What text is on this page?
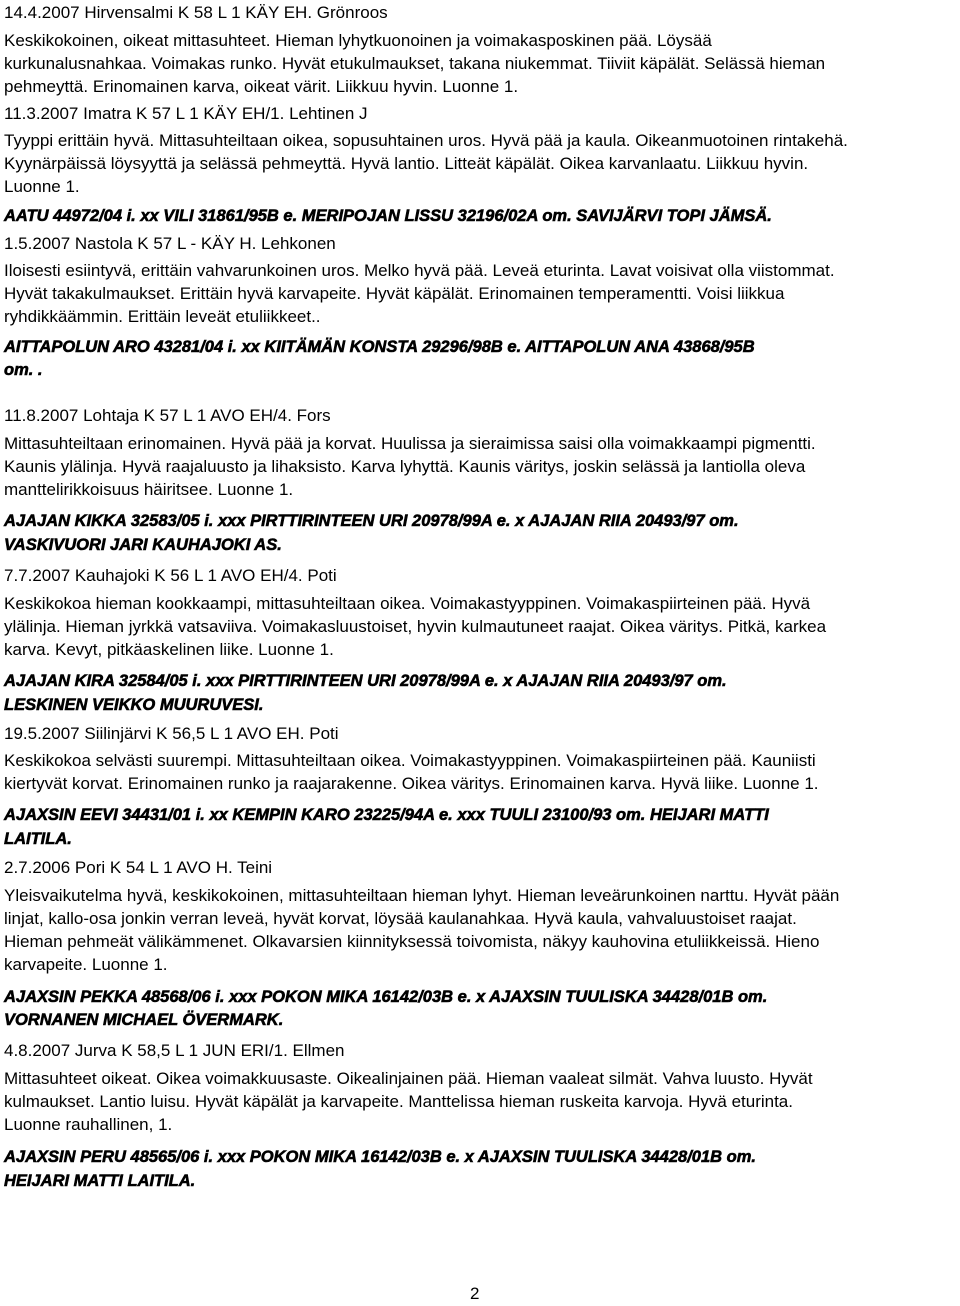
14.4.2007 Hirvensalmi K 58 L 1 KÄY EH. Grönroos
Keskikokoinen, oikeat mittasuhteet. Hieman lyhytkuonoinen ja voimakasposkinen pää. Löysää
kurkunalusnahkaa. Voimakas runko. Hyvät etukulmaukset, takana niukemmat. Tiiviit käpälät. Selässä hieman
pehmeyttä. Erinomainen karva, oikeat värit. Liikkuu hyvin. Luonne 1.
11.3.2007 Imatra K 57 L 1 KÄY EH/1. Lehtinen J
Tyyppi erittäin hyvä. Mittasuhteiltaan oikea, sopusuhtainen uros. Hyvä pää ja kaula. Oikeanmuotoinen rintakehä.
Kyynärpäissä löysyyttä ja selässä pehmeyttä. Hyvä lantio. Litteät käpälät. Oikea karvanlaatu. Liikkuu hyvin.
Luonne 1.
AATU 44972/04 i. xx VILI 31861/95B e. MERIPOJAN LISSU 32196/02A om. SAVIJÄRVI TOPI JÄMSÄ.
1.5.2007 Nastola K 57 L - KÄY H. Lehkonen
Iloisesti esiintyvä, erittäin vahvarunkoinen uros. Melko hyvä pää. Leveä eturinta. Lavat voisivat olla viistommat.
Hyvät takakulmaukset. Erittäin hyvä karvapeite. Hyvät käpälät. Erinomainen temperamentti. Voisi liikkua
ryhdikkäämmin. Erittäin leveät etuliikkeet..
AITTAPOLUN ARO 43281/04 i. xx KIITÄMÄN KONSTA 29296/98B e. AITTAPOLUN ANA 43868/95B
om. .
11.8.2007 Lohtaja K 57 L 1 AVO EH/4. Fors
Mittasuhteiltaan erinomainen. Hyvä pää ja korvat. Huulissa ja sieraimissa saisi olla voimakkaampi pigmentti.
Kaunis ylälinja. Hyvä raajaluusto ja lihaksisto. Karva lyhyttä. Kaunis väritys, joskin selässä ja lantiolla oleva
manttelirikkoisuus häiritsee. Luonne 1.
AJAJAN KIKKA 32583/05 i. xxx PIRTTIRINTEEN URI 20978/99A e. x AJAJAN RIIA 20493/97 om.
VASKIVUORI JARI KAUHAJOKI AS.
7.7.2007 Kauhajoki K 56 L 1 AVO EH/4. Poti
Keskikokoa hieman kookkaampi, mittasuhteiltaan oikea. Voimakastyyppinen. Voimakaspiirteinen pää. Hyvä
ylälinja. Hieman jyrkkä vatsaviiva. Voimakasluustoiset, hyvin kulmautuneet raajat. Oikea väritys. Pitkä, karkea
karva. Kevyt, pitkäaskelinen liike. Luonne 1.
AJAJAN KIRA 32584/05 i. xxx PIRTTIRINTEEN URI 20978/99A e. x AJAJAN RIIA 20493/97 om.
LESKINEN VEIKKO MUURUVESI.
19.5.2007 Siilinjärvi K 56,5 L 1 AVO EH. Poti
Keskikokoa selvästi suurempi. Mittasuhteiltaan oikea. Voimakastyyppinen. Voimakaspiirteinen pää. Kauniisti
kiertyvät korvat. Erinomainen runko ja raajarakenne. Oikea väritys. Erinomainen karva. Hyvä liike. Luonne 1.
AJAXSIN EEVI 34431/01 i. xx KEMPIN KARO 23225/94A e. xxx TUULI 23100/93 om. HEIJARI MATTI
LAITILA.
2.7.2006 Pori K 54 L 1 AVO H. Teini
Yleisvaikutelma hyvä, keskikokoinen, mittasuhteiltaan hieman lyhyt. Hieman leveärunkoinen narttu. Hyvät pään
linjat, kallo-osa jonkin verran leveä, hyvät korvat, löysää kaulanahkaa. Hyvä kaula, vahvaluustoiset raajat.
Hieman pehmeät välikämmenet. Olkavarsien kiinnityksessä toivomista, näkyy kauhovina etuliikkeissä. Hieno
karvapeite. Luonne 1.
AJAXSIN PEKKA 48568/06 i. xxx POKON MIKA 16142/03B e. x AJAXSIN TUULISKA 34428/01B om.
VORNANEN MICHAEL ÖVERMARK.
4.8.2007 Jurva K 58,5 L 1 JUN ERI/1. Ellmen
Mittasuhteet oikeat. Oikea voimakkuusaste. Oikealinjainen pää. Hieman vaaleat silmät. Vahva luusto. Hyvät
kulmaukset. Lantio luisu. Hyvät käpälät ja karvapeite. Manttelissa hieman ruskeita karvoja. Hyvä eturinta.
Luonne rauhallinen, 1.
AJAXSIN PERU 48565/06 i. xxx POKON MIKA 16142/03B e. x AJAXSIN TUULISKA 34428/01B om.
HEIJARI MATTI LAITILA.
2
